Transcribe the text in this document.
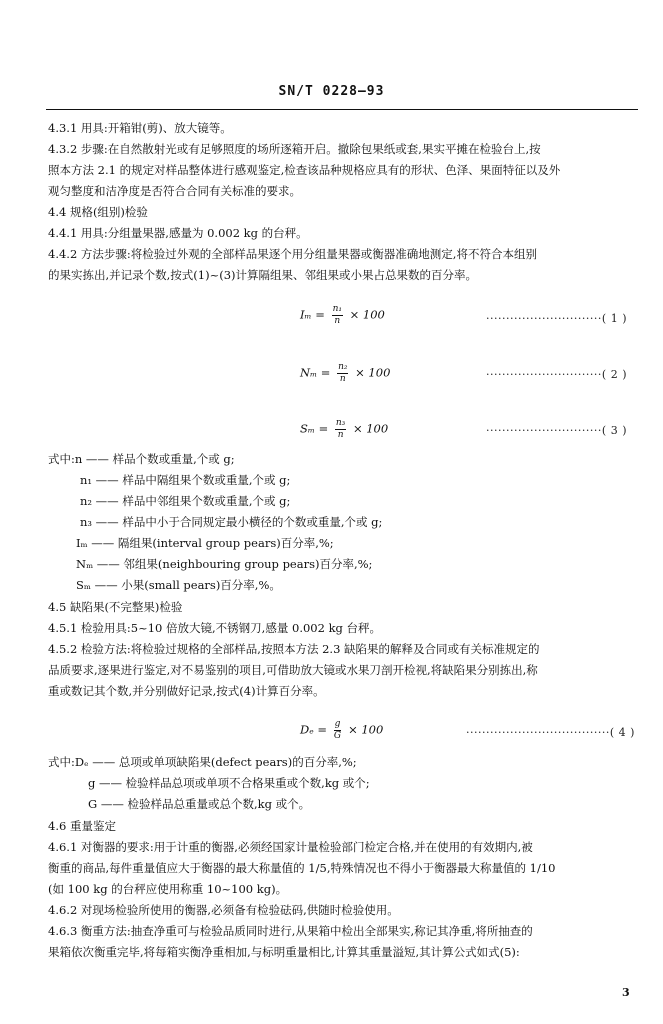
SN/T 0228—93
4.3.1 用具:开箱钳(剪)、放大镜等。
4.3.2 步骤:在自然散射光或有足够照度的场所逐箱开启。撤除包果纸或套,果实平摊在检验台上,按
照本方法 2.1 的规定对样品整体进行感观鉴定,检查该品种规格应具有的形状、色泽、果面特征以及外
观匀整度和洁净度是否符合合同有关标准的要求。
4.4 规格(组别)检验
4.4.1 用具:分组量果器,感量为 0.002 kg 的台秤。
4.4.2 方法步骤:将检验过外观的全部样品果逐个用分组量果器或衡器准确地测定,将不符合本组别
的果实拣出,并记录个数,按式(1)~(3)计算隔组果、邻组果或小果占总果数的百分率。
$I_m = \frac{\text{n₁}}{n} \times 100$	·····························( 1 )
$N_m = \frac{\text{n₂}}{n} \times 100$	·····························( 2 )
$S_m = \frac{\text{n₃}}{n} \times 100$	·····························( 3 )
式中:n —— 样品个数或重量,个或 g;
n₁ —— 样品中隔组果个数或重量,个或 g;
n₂ —— 样品中邻组果个数或重量,个或 g;
n₃ —— 样品中小于合同规定最小横径的个数或重量,个或 g;
Iₘ —— 隔组果(interval group pears)百分率,%;
Nₘ —— 邻组果(neighbouring group pears)百分率,%;
Sₘ —— 小果(small pears)百分率,%。
4.5 缺陷果(不完整果)检验
4.5.1 检验用具:5~10 倍放大镜,不锈钢刀,感量 0.002 kg 台秤。
4.5.2 检验方法:将检验过规格的全部样品,按照本方法 2.3 缺陷果的解释及合同或有关标准规定的
品质要求,逐果进行鉴定,对不易鉴别的项目,可借助放大镜或水果刀剖开检视,将缺陷果分别拣出,称
重或数记其个数,并分别做好记录,按式(4)计算百分率。
$D_e = \frac{g}{G} \times 100$	····································( 4 )
式中:Dₑ —— 总项或单项缺陷果(defect pears)的百分率,%;
g —— 检验样品总项或单项不合格果重或个数,kg 或个;
G —— 检验样品总重量或总个数,kg 或个。
4.6 重量鉴定
4.6.1 对衡器的要求:用于计重的衡器,必须经国家计量检验部门检定合格,并在使用的有效期内,被
衡重的商品,每件重量值应大于衡器的最大称量值的 1/5,特殊情况也不得小于衡器最大称量值的 1/10
(如 100 kg 的台秤应使用称重 10~100 kg)。
4.6.2 对现场检验所使用的衡器,必须备有检验砝码,供随时检验使用。
4.6.3 衡重方法:抽查净重可与检验品质同时进行,从果箱中检出全部果实,称记其净重,将所抽查的
果箱依次衡重完毕,将每箱实衡净重相加,与标明重量相比,计算其重量溢短,其计算公式如式(5):
3
